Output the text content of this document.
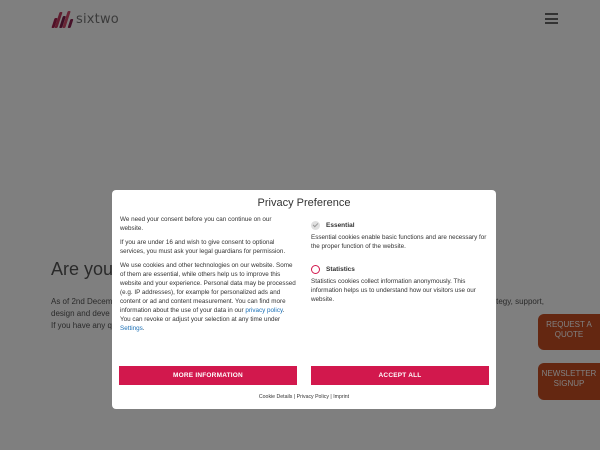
Privacy Preference

We need your consent before you can continue on our website.

If you are under 16 and wish to give consent to optional services, you must ask your legal guardians for permission.

We use cookies and other technologies on our website. Some of them are essential, while others help us to improve this website and your experience. Personal data may be processed (e.g. IP addresses), for example for personalized ads and content or ad and content measurement. You can find more information about the use of your data in our privacy policy. You can revoke or adjust your selection at any time under Settings.

Essential
Essential cookies enable basic functions and are necessary for the proper function of the website.
Statistics
Statistics cookies collect information anonymously. This information helps us to understand how our visitors use our website.
MORE INFORMATION	ACCEPT ALL
Cookie Details | Privacy Policy | Imprint
